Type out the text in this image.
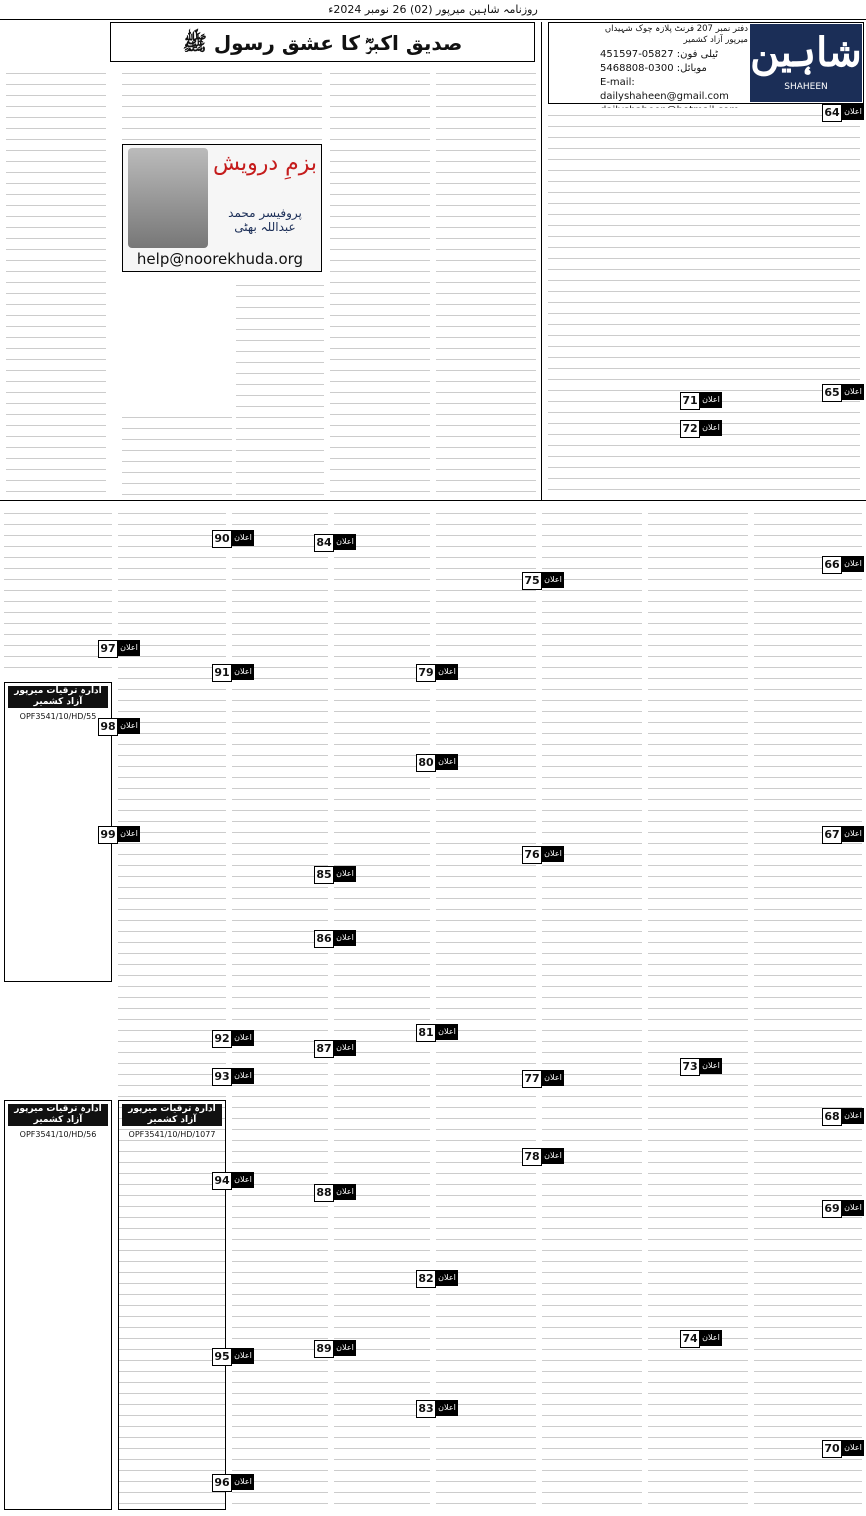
روزنامہ شاہین میرپور (02) 26 نومبر 2024ء
شاہین
SHAHEEN
دفتر نمبر 207 فرنٹ پلازہ چوک شہیداں میرپور آزاد کشمیر
ٹیلی فون: 05827-451597
موبائل: 0300-5468808
E-mail:
dailyshaheen@gmail.com
صدیق اکبرؓ کا عشق رسول ﷺ
بزمِ درویش
پروفیسر محمد عبداللہ بھٹی
help@noorekhuda.org
ادارہ ترقیات میرپور آزاد کشمیر
OPF3541/10/HD/55
ادارہ ترقیات میرپور آزاد کشمیر
OPF3541/10/HD/56
ادارہ ترقیات میرپور آزاد کشمیر
OPF3541/10/HD/1077
اعلان
64
اعلان
65
اعلان
66
اعلان
67
اعلان
68
اعلان
69
اعلان
70
اعلان
71
اعلان
72
اعلان
73
اعلان
74
اعلان
75
اعلان
76
اعلان
77
اعلان
78
اعلان
79
اعلان
80
اعلان
81
اعلان
82
اعلان
83
اعلان
84
اعلان
85
اعلان
86
اعلان
87
اعلان
88
اعلان
89
اعلان
90
اعلان
91
اعلان
92
اعلان
93
اعلان
94
اعلان
95
اعلان
96
اعلان
97
اعلان
98
اعلان
99
